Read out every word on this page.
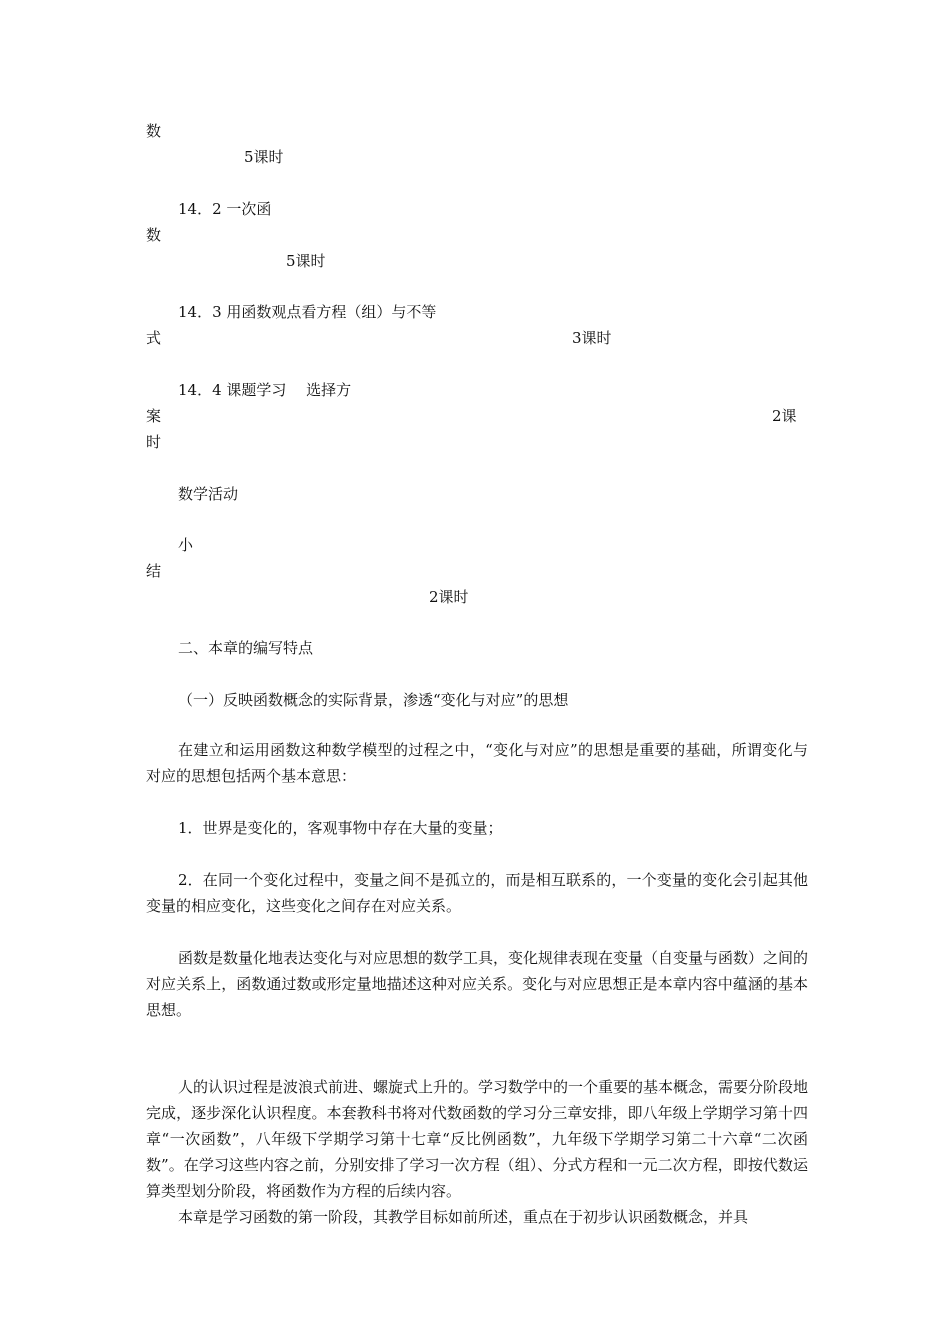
数
5课时
14．2 一次函
数
5课时
14．3 用函数观点看方程（组）与不等
式	3课时
14．4 课题学习　 选择方
案	2课
时
数学活动
小
结
2课时
二、本章的编写特点
（一）反映函数概念的实际背景，渗透“变化与对应”的思想
在建立和运用函数这种数学模型的过程之中，“变化与对应”的思想是重要的基础，所谓变化与对应的思想包括两个基本意思：
1．世界是变化的，客观事物中存在大量的变量；
2．在同一个变化过程中，变量之间不是孤立的，而是相互联系的，一个变量的变化会引起其他变量的相应变化，这些变化之间存在对应关系。
函数是数量化地表达变化与对应思想的数学工具，变化规律表现在变量（自变量与函数）之间的对应关系上，函数通过数或形定量地描述这种对应关系。变化与对应思想正是本章内容中蕴涵的基本思想。
人的认识过程是波浪式前进、螺旋式上升的。学习数学中的一个重要的基本概念，需要分阶段地完成，逐步深化认识程度。本套教科书将对代数函数的学习分三章安排，即八年级上学期学习第十四章“一次函数”，八年级下学期学习第十七章“反比例函数”，九年级下学期学习第二十六章“二次函数”。在学习这些内容之前，分别安排了学习一次方程（组）、分式方程和一元二次方程，即按代数运算类型划分阶段，将函数作为方程的后续内容。
本章是学习函数的第一阶段，其教学目标如前所述，重点在于初步认识函数概念，并具
